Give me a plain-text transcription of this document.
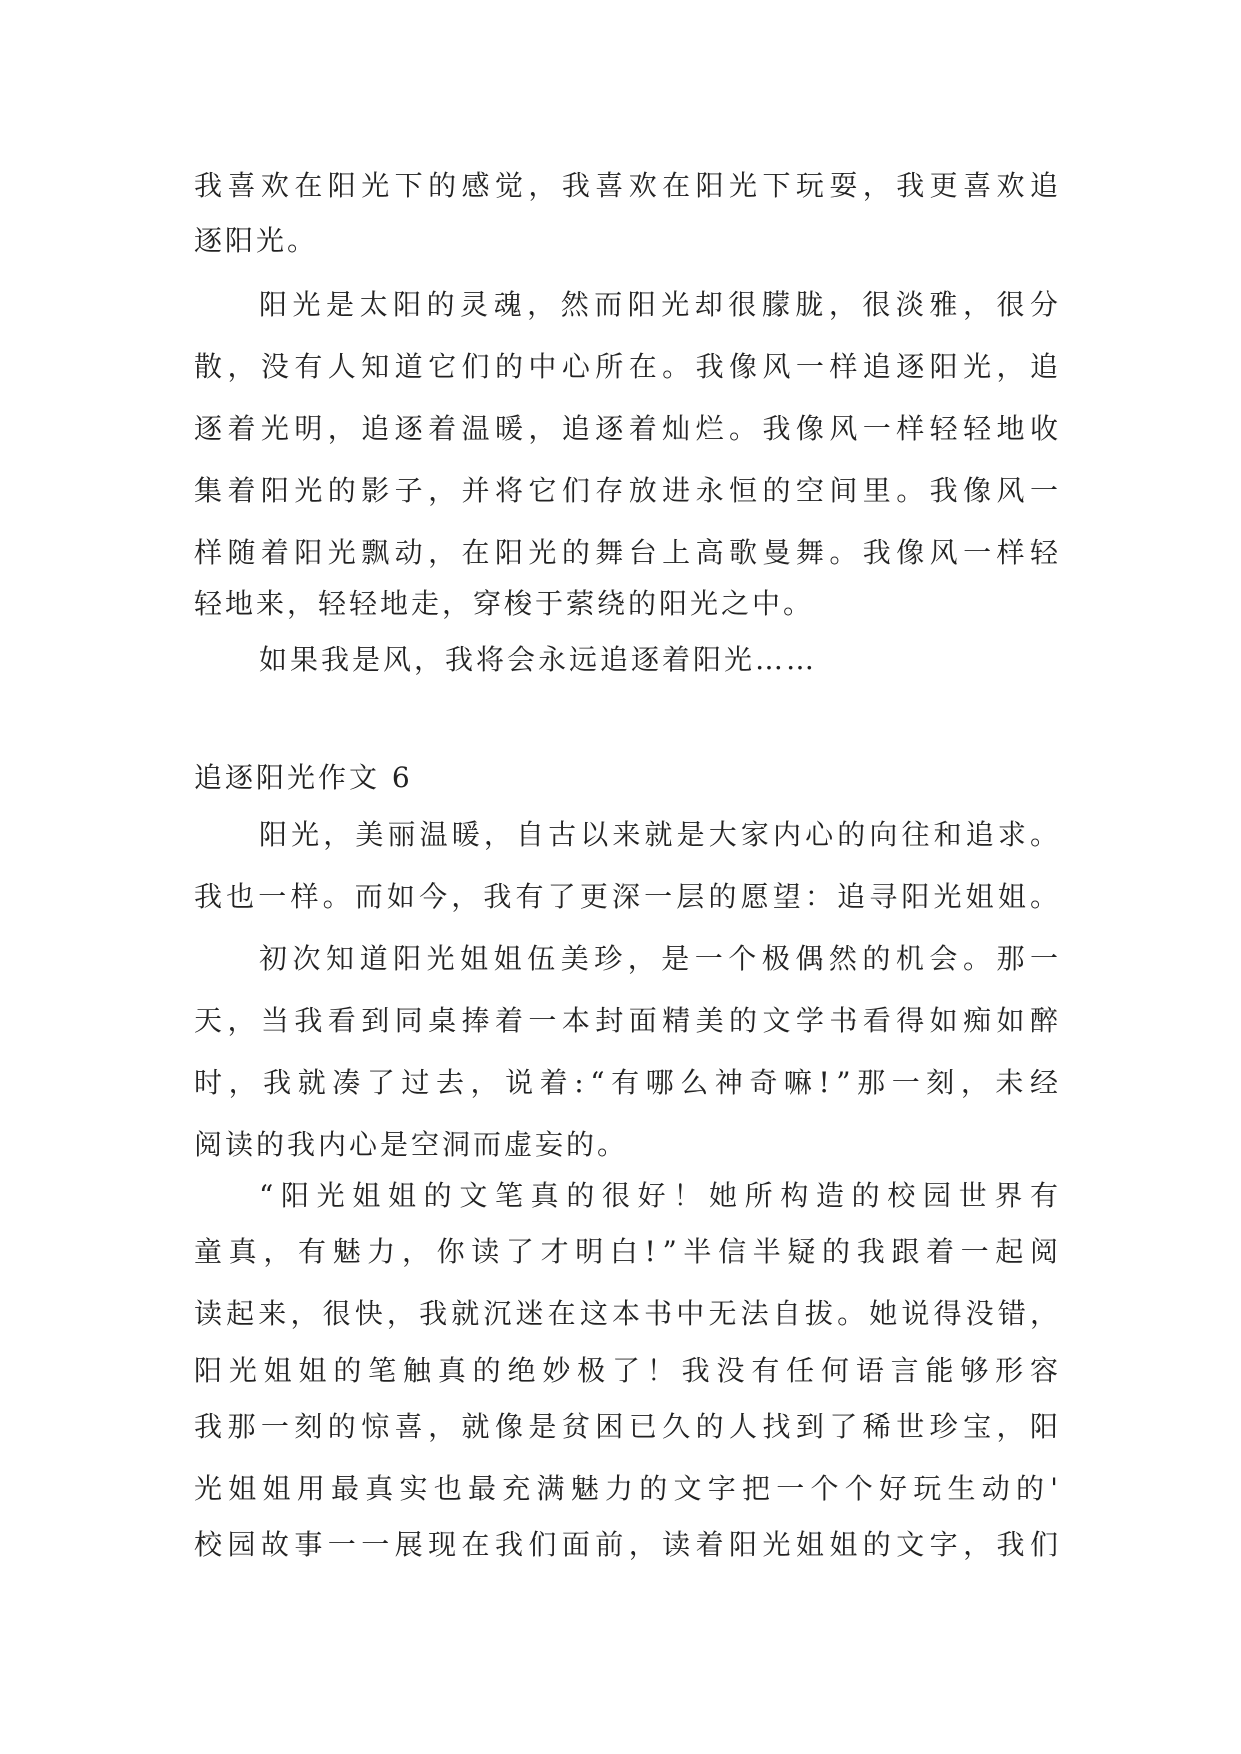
我喜欢在阳光下的感觉，我喜欢在阳光下玩耍，我更喜欢追
逐阳光。
阳光是太阳的灵魂，然而阳光却很朦胧，很淡雅，很分
散，没有人知道它们的中心所在。我像风一样追逐阳光，追
逐着光明，追逐着温暖，追逐着灿烂。我像风一样轻轻地收
集着阳光的影子，并将它们存放进永恒的空间里。我像风一
样随着阳光飘动，在阳光的舞台上高歌曼舞。我像风一样轻
轻地来，轻轻地走，穿梭于萦绕的阳光之中。
如果我是风，我将会永远追逐着阳光……
追逐阳光作文 6
阳光，美丽温暖，自古以来就是大家内心的向往和追求。
我也一样。而如今，我有了更深一层的愿望：追寻阳光姐姐。
初次知道阳光姐姐伍美珍，是一个极偶然的机会。那一
天，当我看到同桌捧着一本封面精美的文学书看得如痴如醉
时，我就凑了过去，说着:“有哪么神奇嘛!”那一刻，未经
阅读的我内心是空洞而虚妄的。
“阳光姐姐的文笔真的很好！她所构造的校园世界有
童真，有魅力，你读了才明白!”半信半疑的我跟着一起阅
读起来，很快，我就沉迷在这本书中无法自拔。她说得没错，
阳光姐姐的笔触真的绝妙极了！我没有任何语言能够形容
我那一刻的惊喜，就像是贫困已久的人找到了稀世珍宝，阳
光姐姐用最真实也最充满魅力的文字把一个个好玩生动的'
校园故事一一展现在我们面前，读着阳光姐姐的文字，我们
